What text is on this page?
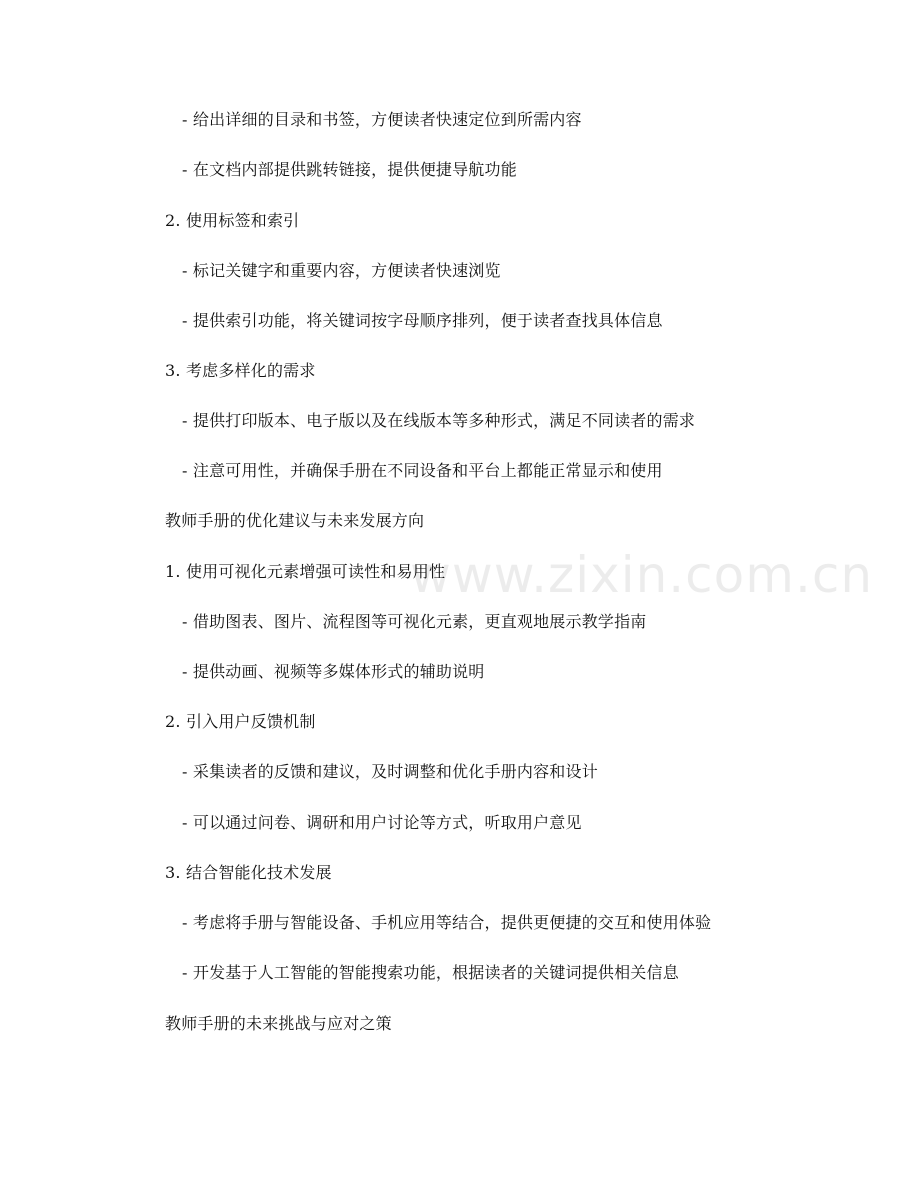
www.zixin.com.cn
- 给出详细的目录和书签，方便读者快速定位到所需内容
- 在文档内部提供跳转链接，提供便捷导航功能
2. 使用标签和索引
- 标记关键字和重要内容，方便读者快速浏览
- 提供索引功能，将关键词按字母顺序排列，便于读者查找具体信息
3. 考虑多样化的需求
- 提供打印版本、电子版以及在线版本等多种形式，满足不同读者的需求
- 注意可用性，并确保手册在不同设备和平台上都能正常显示和使用
教师手册的优化建议与未来发展方向
1. 使用可视化元素增强可读性和易用性
- 借助图表、图片、流程图等可视化元素，更直观地展示教学指南
- 提供动画、视频等多媒体形式的辅助说明
2. 引入用户反馈机制
- 采集读者的反馈和建议，及时调整和优化手册内容和设计
- 可以通过问卷、调研和用户讨论等方式，听取用户意见
3. 结合智能化技术发展
- 考虑将手册与智能设备、手机应用等结合，提供更便捷的交互和使用体验
- 开发基于人工智能的智能搜索功能，根据读者的关键词提供相关信息
教师手册的未来挑战与应对之策
